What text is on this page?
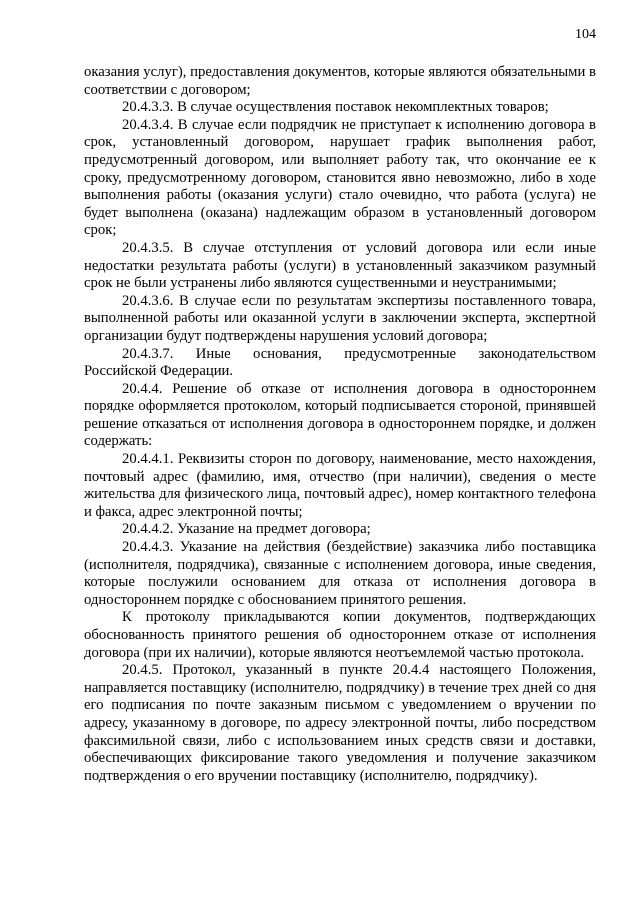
104

оказания услуг), предоставления документов, которые являются обязательными в соответствии с договором;

20.4.3.3. В случае осуществления поставок некомплектных товаров;

20.4.3.4. В случае если подрядчик не приступает к исполнению договора в срок, установленный договором, нарушает график выполнения работ, предусмотренный договором, или выполняет работу так, что окончание ее к сроку, предусмотренному договором, становится явно невозможно, либо в ходе выполнения работы (оказания услуги) стало очевидно, что работа (услуга) не будет выполнена (оказана) надлежащим образом в установленный договором срок;

20.4.3.5. В случае отступления от условий договора или если иные недостатки результата работы (услуги) в установленный заказчиком разумный срок не были устранены либо являются существенными и неустранимыми;

20.4.3.6. В случае если по результатам экспертизы поставленного товара, выполненной работы или оказанной услуги в заключении эксперта, экспертной организации будут подтверждены нарушения условий договора;

20.4.3.7. Иные основания, предусмотренные законодательством Российской Федерации.

20.4.4. Решение об отказе от исполнения договора в одностороннем порядке оформляется протоколом, который подписывается стороной, принявшей решение отказаться от исполнения договора в одностороннем порядке, и должен содержать:

20.4.4.1. Реквизиты сторон по договору, наименование, место нахождения, почтовый адрес (фамилию, имя, отчество (при наличии), сведения о месте жительства для физического лица, почтовый адрес), номер контактного телефона и факса, адрес электронной почты;

20.4.4.2. Указание на предмет договора;

20.4.4.3. Указание на действия (бездействие) заказчика либо поставщика (исполнителя, подрядчика), связанные с исполнением договора, иные сведения, которые послужили основанием для отказа от исполнения договора в одностороннем порядке с обоснованием принятого решения.

К протоколу прикладываются копии документов, подтверждающих обоснованность принятого решения об одностороннем отказе от исполнения договора (при их наличии), которые являются неотъемлемой частью протокола.

20.4.5. Протокол, указанный в пункте 20.4.4 настоящего Положения, направляется поставщику (исполнителю, подрядчику) в течение трех дней со дня его подписания по почте заказным письмом с уведомлением о вручении по адресу, указанному в договоре, по адресу электронной почты, либо посредством факсимильной связи, либо с использованием иных средств связи и доставки, обеспечивающих фиксирование такого уведомления и получение заказчиком подтверждения о его вручении поставщику (исполнителю, подрядчику).
